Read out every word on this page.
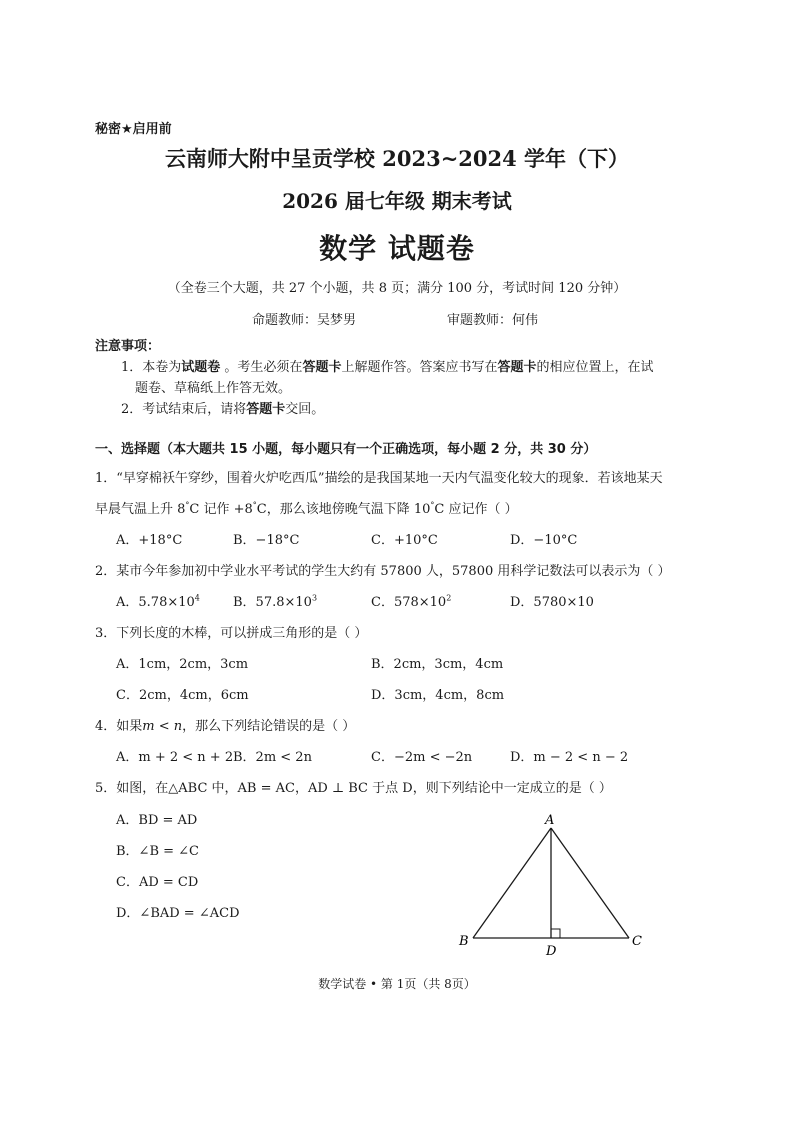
秘密★启用前
云南师大附中呈贡学校 2023~2024 学年（下）
2026 届七年级 期末考试
数学 试题卷
（全卷三个大题，共 27 个小题，共 8 页；满分 100 分，考试时间 120 分钟）
命题教师：吴梦男	审题教师：何伟
注意事项：
1．本卷为试题卷 。考生必须在答题卡上解题作答。答案应书写在答题卡的相应位置上，在试
题卷、草稿纸上作答无效。
2．考试结束后，请将答题卡交回。
一、选择题（本大题共 15 小题，每小题只有一个正确选项，每小题 2 分，共 30 分）
1．“早穿棉袄午穿纱，围着火炉吃西瓜”描绘的是我国某地一天内气温变化较大的现象．若该地某天
早晨气温上升 8°C 记作 +8°C，那么该地傍晚气温下降 10°C 应记作（ ）
A．+18°C	B．−18°C	C．+10°C	D．−10°C
2．某市今年参加初中学业水平考试的学生大约有 57800 人，57800 用科学记数法可以表示为（ ）
A．$5.78\times 10^4$	B．$57.8\times 10^3$	C．$578\times 10^2$	D．5780×10
3．下列长度的木棒，可以拼成三角形的是（ ）
A．1cm，2cm，3cm	B．2cm，3cm，4cm
C．2cm，4cm，6cm	D．3cm，4cm，8cm
4．如果m < n，那么下列结论错误的是（ ）
A．m + 2 < n + 2 B．2m < 2n	C．−2m < −2n	D．m − 2 < n − 2
5．如图，在△ABC 中，AB = AC，AD ⊥ BC 于点 D，则下列结论中一定成立的是（ ）
A．BD = AD
B．∠B = ∠C
C．AD = CD
D．∠BAD = ∠ACD
A
B	C
D
数学试卷 • 第 1页（共 8页）
